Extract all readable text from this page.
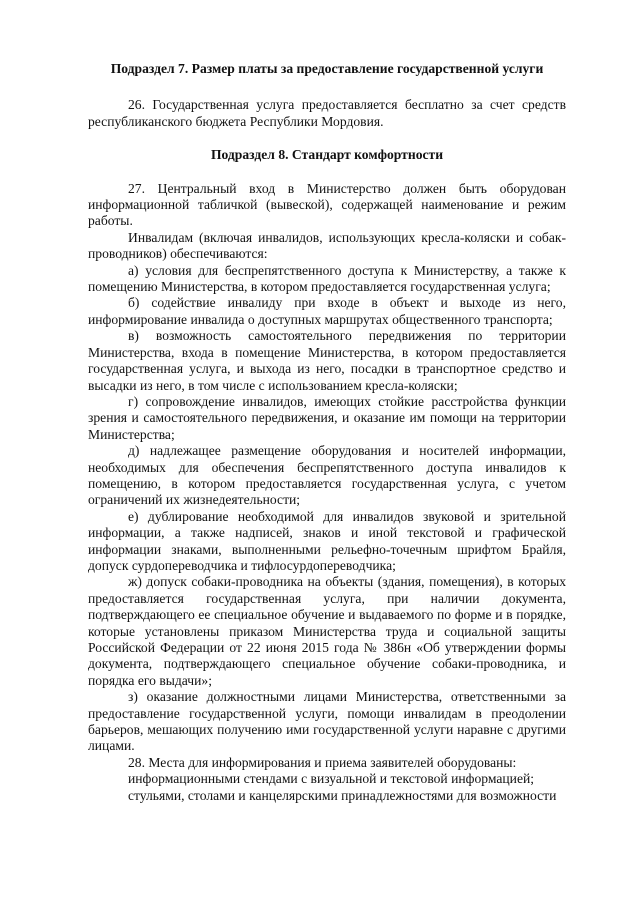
Подраздел 7. Размер платы за предоставление государственной услуги

26. Государственная услуга предоставляется бесплатно за счет средств республиканского бюджета Республики Мордовия.

Подраздел 8. Стандарт комфортности

27. Центральный вход в Министерство должен быть оборудован информационной табличкой (вывеской), содержащей наименование и режим работы.

Инвалидам (включая инвалидов, использующих кресла-коляски и собак-проводников) обеспечиваются:

а) условия для беспрепятственного доступа к Министерству, а также к помещению Министерства, в котором предоставляется государственная услуга;

б) содействие инвалиду при входе в объект и выходе из него, информирование инвалида о доступных маршрутах общественного транспорта;

в) возможность самостоятельного передвижения по территории Министерства, входа в помещение Министерства, в котором предоставляется государственная услуга, и выхода из него, посадки в транспортное средство и высадки из него, в том числе с использованием кресла-коляски;

г) сопровождение инвалидов, имеющих стойкие расстройства функции зрения и самостоятельного передвижения, и оказание им помощи на территории Министерства;

д) надлежащее размещение оборудования и носителей информации, необходимых для обеспечения беспрепятственного доступа инвалидов к помещению, в котором предоставляется государственная услуга, с учетом ограничений их жизнедеятельности;

е) дублирование необходимой для инвалидов звуковой и зрительной информации, а также надписей, знаков и иной текстовой и графической информации знаками, выполненными рельефно-точечным шрифтом Брайля, допуск сурдопереводчика и тифлосурдопереводчика;

ж) допуск собаки-проводника на объекты (здания, помещения), в которых предоставляется государственная услуга, при наличии документа, подтверждающего ее специальное обучение и выдаваемого по форме и в порядке, которые установлены приказом Министерства труда и социальной защиты Российской Федерации от 22 июня 2015 года № 386н «Об утверждении формы документа, подтверждающего специальное обучение собаки-проводника, и порядка его выдачи»;

з) оказание должностными лицами Министерства, ответственными за предоставление государственной услуги, помощи инвалидам в преодолении барьеров, мешающих получению ими государственной услуги наравне с другими лицами.

28. Места для информирования и приема заявителей оборудованы:

информационными стендами с визуальной и текстовой информацией;

стульями, столами и канцелярскими принадлежностями для возможности
